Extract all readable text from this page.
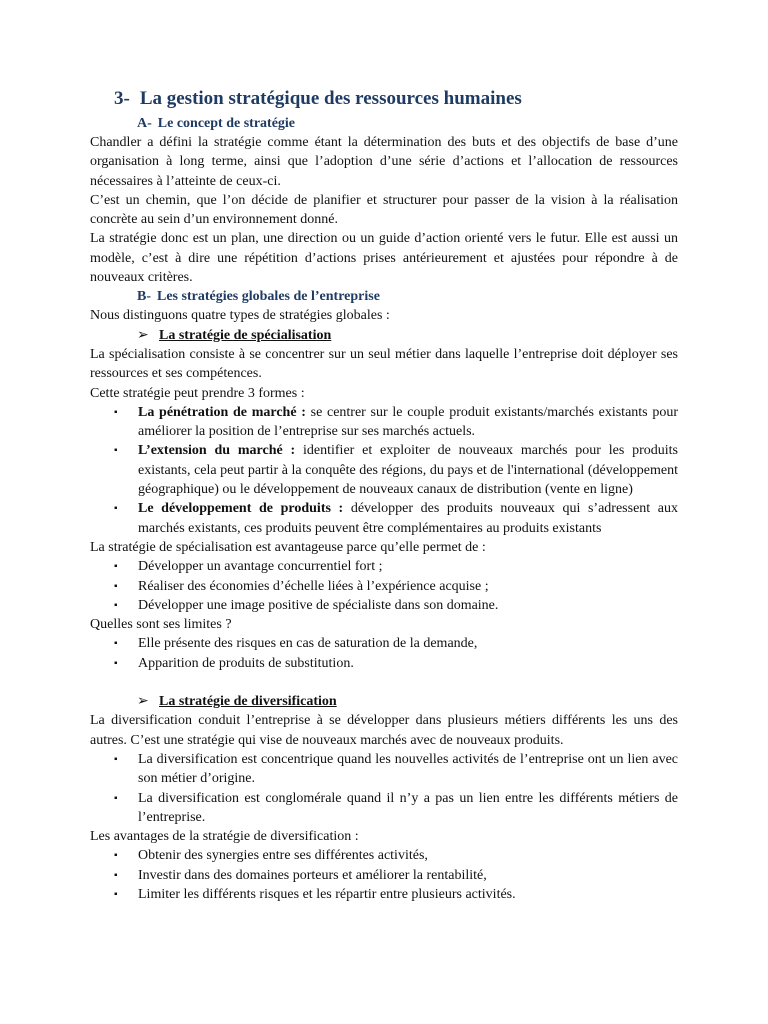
3- La gestion stratégique des ressources humaines
A- Le concept de stratégie

Chandler a défini la stratégie comme étant la détermination des buts et des objectifs de base d’une organisation à long terme, ainsi que l’adoption d’une série d’actions et l’allocation de ressources nécessaires à l’atteinte de ceux-ci.

C’est un chemin, que l’on décide de planifier et structurer pour passer de la vision à la réalisation concrète au sein d’un environnement donné.

La stratégie donc est un plan, une direction ou un guide d’action orienté vers le futur. Elle est aussi un modèle, c’est à dire une répétition d’actions prises antérieurement et ajustées pour répondre à de nouveaux critères.

B- Les stratégies globales de l’entreprise

Nous distinguons quatre types de stratégies globales :

➢ La stratégie de spécialisation

La spécialisation consiste à se concentrer sur un seul métier dans laquelle l’entreprise doit déployer ses ressources et ses compétences.

Cette stratégie peut prendre 3 formes :

▪ La pénétration de marché : se centrer sur le couple produit existants/marchés existants pour améliorer la position de l’entreprise sur ses marchés actuels.
▪ L’extension du marché : identifier et exploiter de nouveaux marchés pour les produits existants, cela peut partir à la conquête des régions, du pays et de l'international (développement géographique) ou le développement de nouveaux canaux de distribution (vente en ligne)
▪ Le développement de produits : développer des produits nouveaux qui s’adressent aux marchés existants, ces produits peuvent être complémentaires au produits existants

La stratégie de spécialisation est avantageuse parce qu’elle permet de :

▪ Développer un avantage concurrentiel fort ;
▪ Réaliser des économies d’échelle liées à l’expérience acquise ;
▪ Développer une image positive de spécialiste dans son domaine.

Quelles sont ses limites ?

▪ Elle présente des risques en cas de saturation de la demande,
▪ Apparition de produits de substitution.
➢ La stratégie de diversification

La diversification conduit l’entreprise à se développer dans plusieurs métiers différents les uns des autres. C’est une stratégie qui vise de nouveaux marchés avec de nouveaux produits.

▪ La diversification est concentrique quand les nouvelles activités de l’entreprise ont un lien avec son métier d’origine.
▪ La diversification est conglomérale quand il n’y a pas un lien entre les différents métiers de l’entreprise.

Les avantages de la stratégie de diversification :

▪ Obtenir des synergies entre ses différentes activités,
▪ Investir dans des domaines porteurs et améliorer la rentabilité,
▪ Limiter les différents risques et les répartir entre plusieurs activités.
